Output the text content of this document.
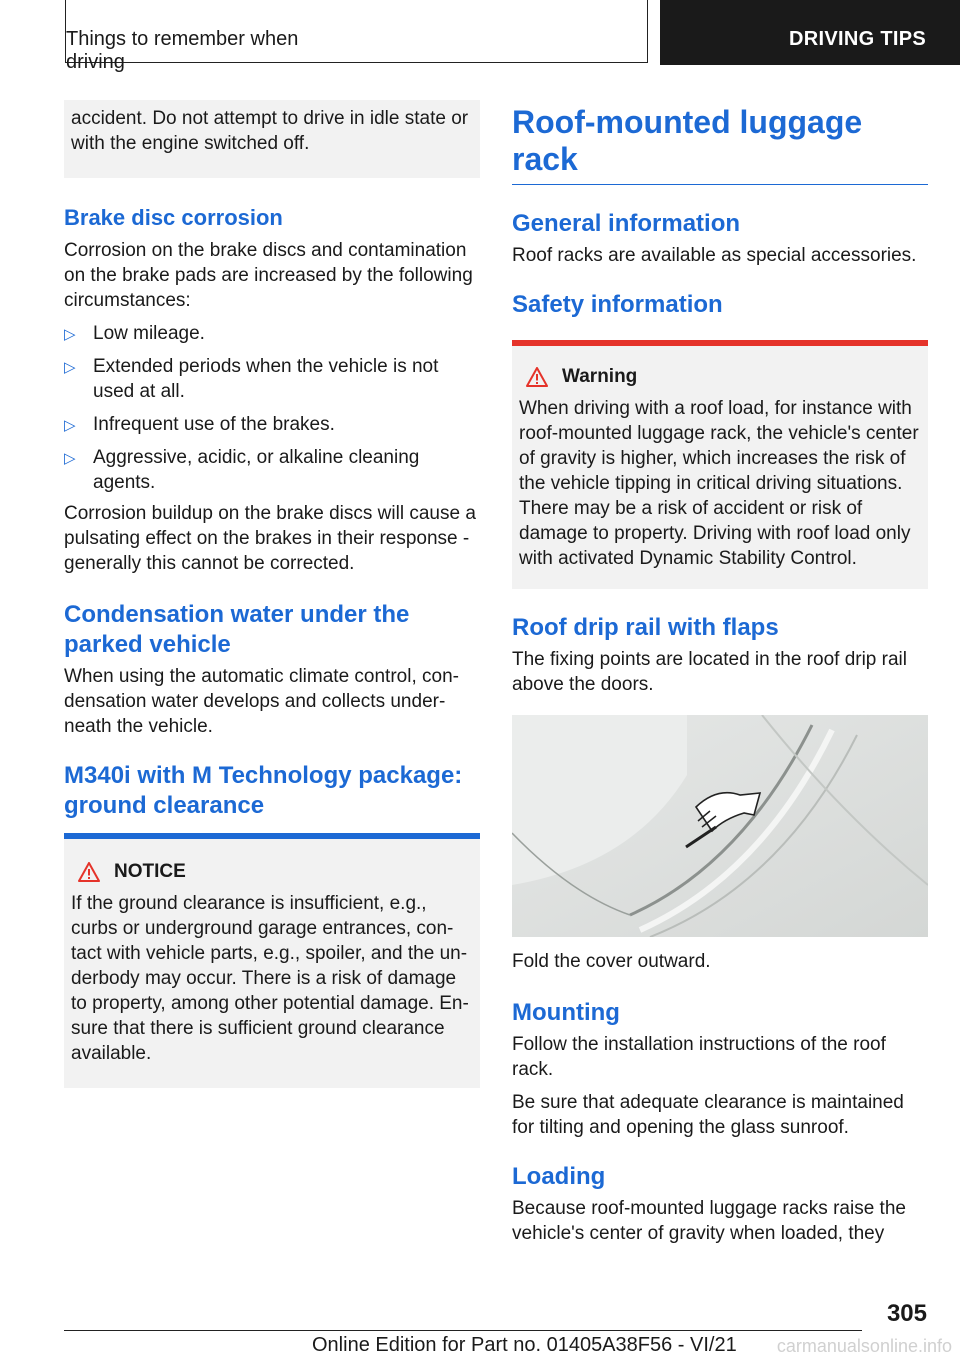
Things to remember when driving
DRIVING TIPS

accident. Do not attempt to drive in idle state or with the engine switched off.

Brake disc corrosion

Corrosion on the brake discs and contamination on the brake pads are increased by the following circumstances:

▷ Low mileage.
▷ Extended periods when the vehicle is not used at all.
▷ Infrequent use of the brakes.
▷ Aggressive, acidic, or alkaline cleaning agents.

Corrosion buildup on the brake discs will cause a pulsating effect on the brakes in their response - generally this cannot be corrected.

Condensation water under the parked vehicle

When using the automatic climate control, condensation water develops and collects underneath the vehicle.

M340i with M Technology package: ground clearance
NOTICE

If the ground clearance is insufficient, e.g., curbs or underground garage entrances, contact with vehicle parts, e.g., spoiler, and the underbody may occur. There is a risk of damage to property, among other potential damage. Ensure that there is sufficient ground clearance available.

Roof-mounted luggage rack
General information

Roof racks are available as special accessories.

Safety information
Warning

When driving with a roof load, for instance with roof-mounted luggage rack, the vehicle's center of gravity is higher, which increases the risk of the vehicle tipping in critical driving situations. There may be a risk of accident or risk of damage to property. Driving with roof load only with activated Dynamic Stability Control.

Roof drip rail with flaps

The fixing points are located in the roof drip rail above the doors.

Fold the cover outward.

Mounting

Follow the installation instructions of the roof rack.

Be sure that adequate clearance is maintained for tilting and opening the glass sunroof.

Loading

Because roof-mounted luggage racks raise the vehicle's center of gravity when loaded, they

305
Online Edition for Part no. 01405A38F56 - VI/21 carmanualsonline.info
